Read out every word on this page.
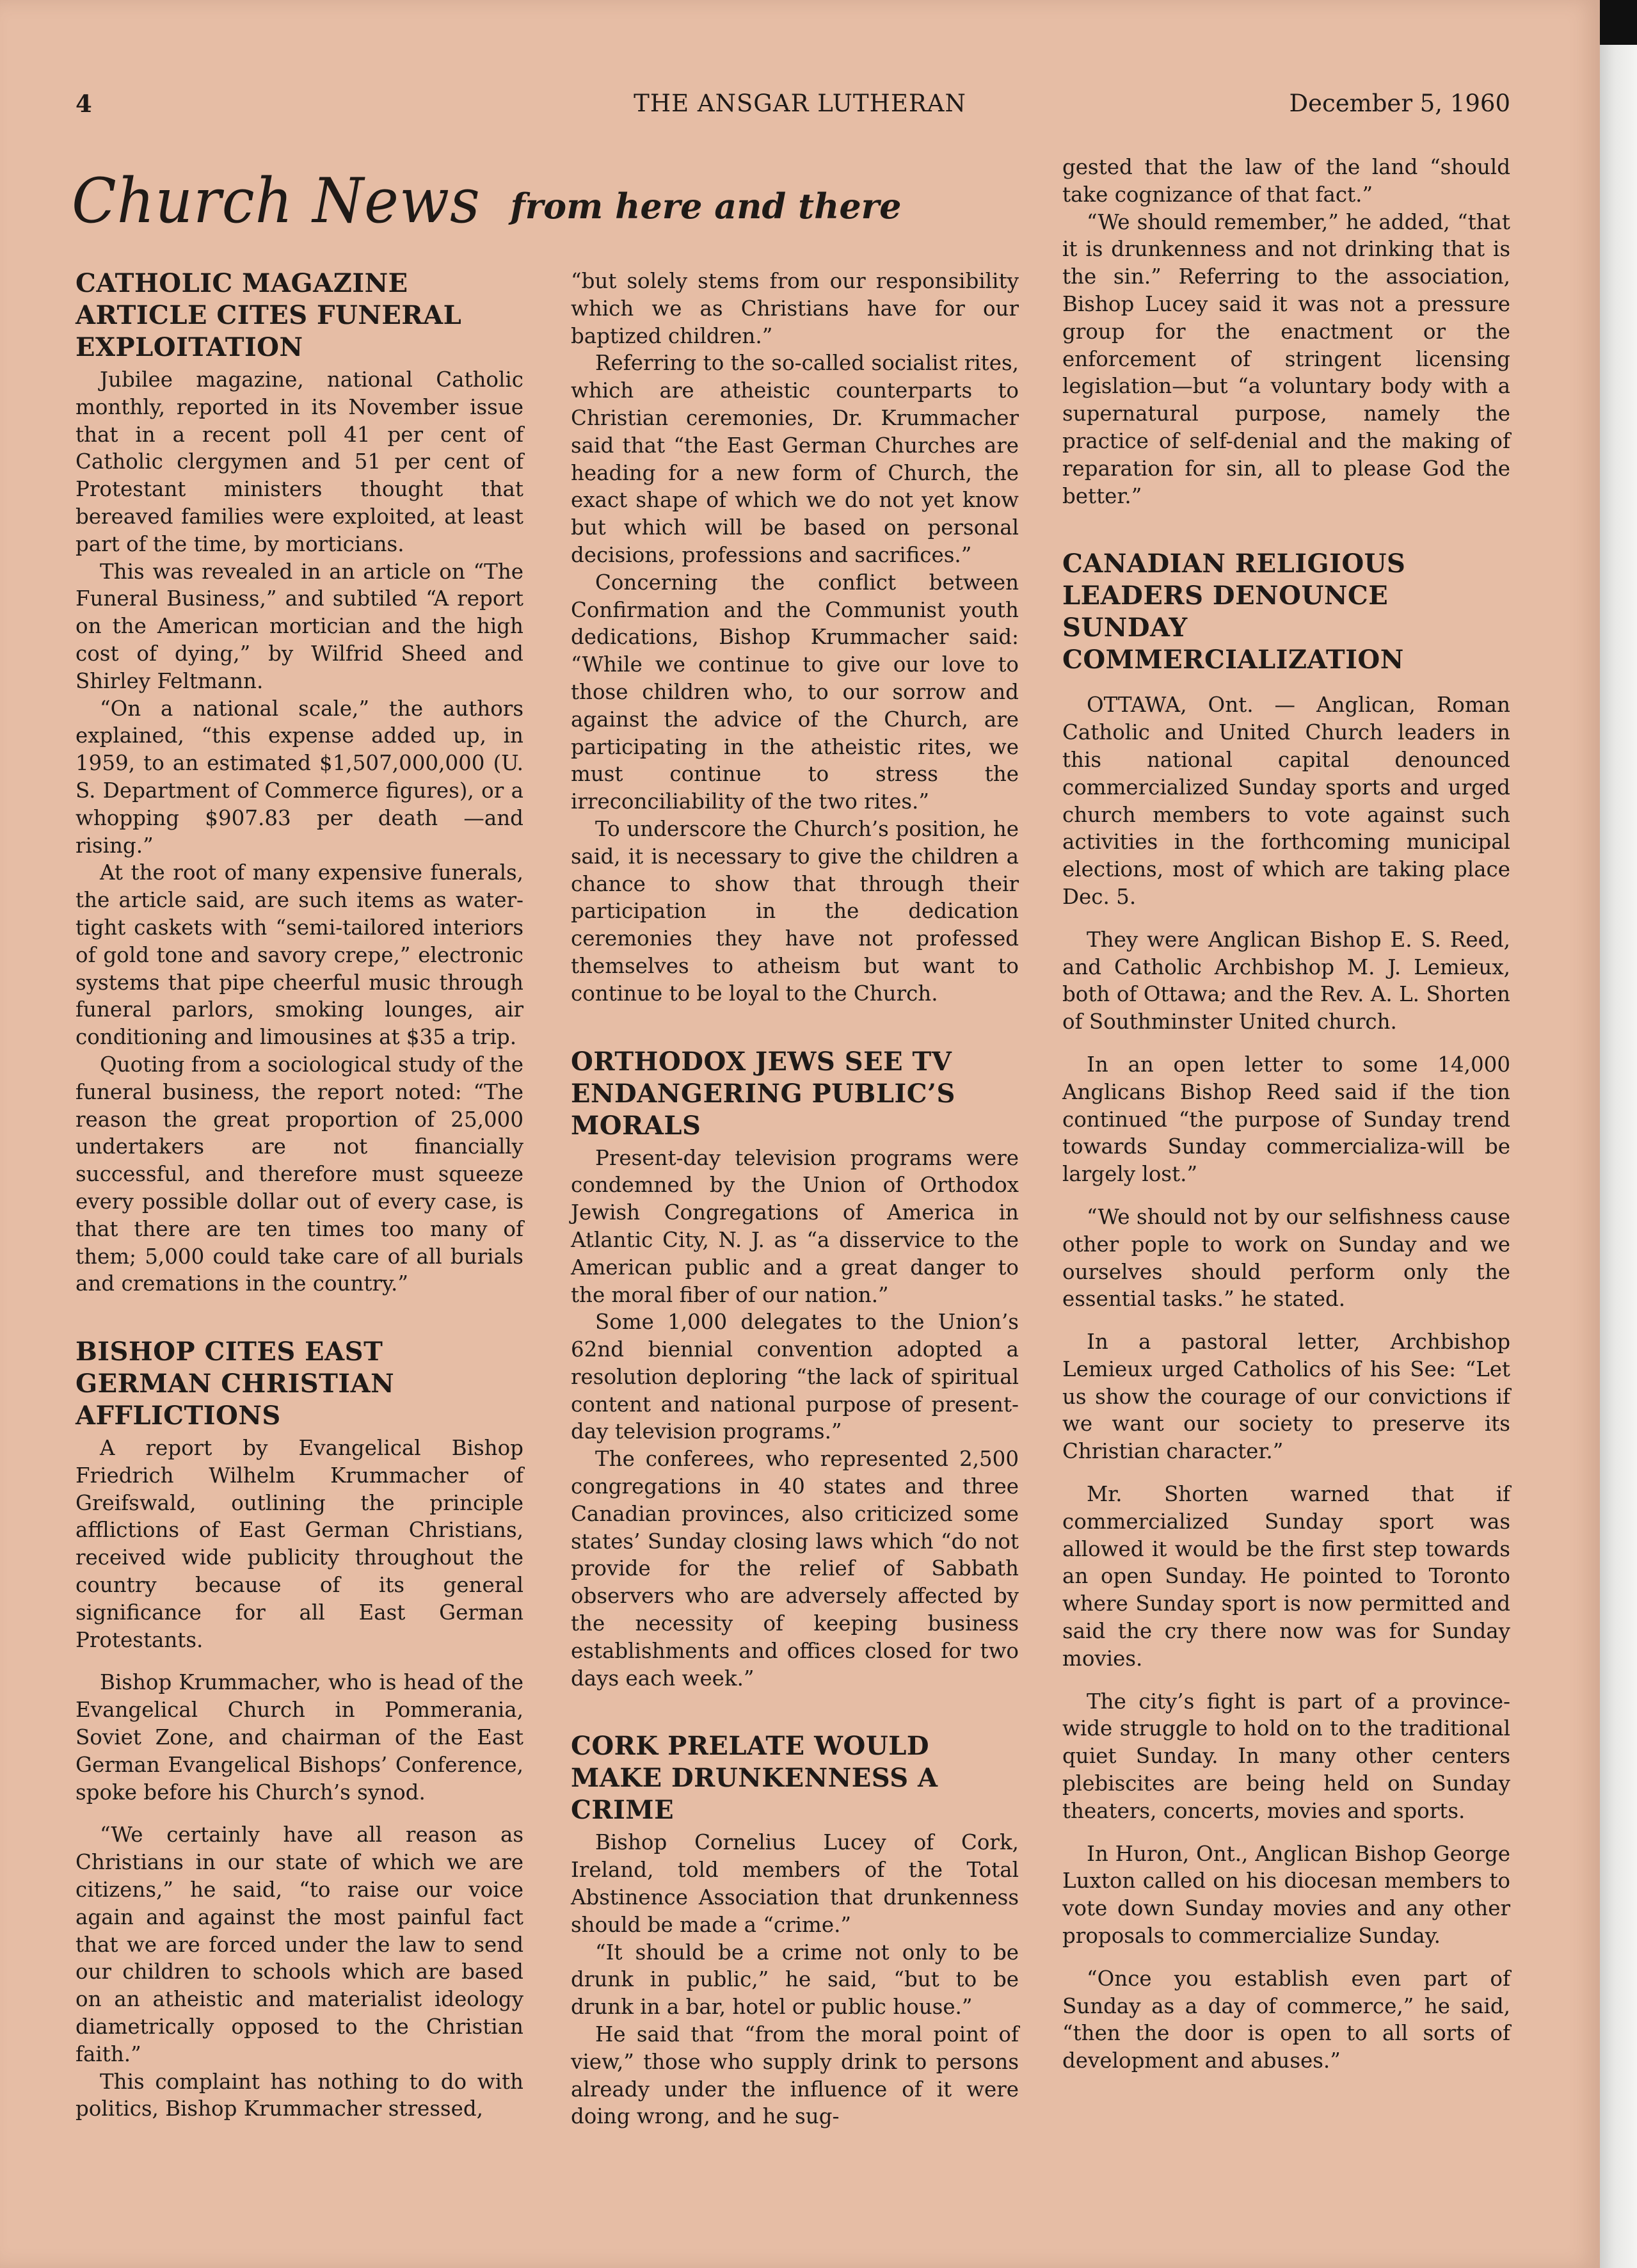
4	THE ANSGAR LUTHERAN	December 5, 1960
Church News from here and there
CATHOLIC MAGAZINE ARTICLE CITES FUNERAL EXPLOITATION

Jubilee magazine, national Catholic monthly, reported in its November issue that in a recent poll 41 per cent of Catholic clergymen and 51 per cent of Protestant ministers thought that bereaved families were exploited, at least part of the time, by morticians.

This was revealed in an article on “The Funeral Business,” and subtiled “A report on the American mortician and the high cost of dying,” by Wilfrid Sheed and Shirley Feltmann.

“On a national scale,” the authors explained, “this expense added up, in 1959, to an estimated $1,507,000,000 (U. S. Department of Commerce figures), or a whopping $907.83 per death —and rising.”

At the root of many expensive funerals, the article said, are such items as water-tight caskets with “semi-tailored interiors of gold tone and savory crepe,” electronic systems that pipe cheerful music through funeral parlors, smoking lounges, air conditioning and limousines at $35 a trip.

Quoting from a sociological study of the funeral business, the report noted: “The reason the great proportion of 25,000 undertakers are not financially successful, and therefore must squeeze every possible dollar out of every case, is that there are ten times too many of them; 5,000 could take care of all burials and cremations in the country.”

BISHOP CITES EAST GERMAN CHRISTIAN AFFLICTIONS

A report by Evangelical Bishop Friedrich Wilhelm Krummacher of Greifswald, outlining the principle afflictions of East German Christians, received wide publicity throughout the country because of its general significance for all East German Protestants.

Bishop Krummacher, who is head of the Evangelical Church in Pommerania, Soviet Zone, and chairman of the East German Evangelical Bishops’ Conference, spoke before his Church’s synod.

“We certainly have all reason as Christians in our state of which we are citizens,” he said, “to raise our voice again and against the most painful fact that we are forced under the law to send our children to schools which are based on an atheistic and materialist ideology diametrically opposed to the Christian faith.”

This complaint has nothing to do with politics, Bishop Krummacher stressed,

“but solely stems from our responsibility which we as Christians have for our baptized children.”

Referring to the so-called socialist rites, which are atheistic counterparts to Christian ceremonies, Dr. Krummacher said that “the East German Churches are heading for a new form of Church, the exact shape of which we do not yet know but which will be based on personal decisions, professions and sacrifices.”

Concerning the conflict between Confirmation and the Communist youth dedications, Bishop Krummacher said: “While we continue to give our love to those children who, to our sorrow and against the advice of the Church, are participating in the atheistic rites, we must continue to stress the irreconciliability of the two rites.”

To underscore the Church’s position, he said, it is necessary to give the children a chance to show that through their participation in the dedication ceremonies they have not professed themselves to atheism but want to continue to be loyal to the Church.

ORTHODOX JEWS SEE TV ENDANGERING PUBLIC’S MORALS

Present-day television programs were condemned by the Union of Orthodox Jewish Congregations of America in Atlantic City, N. J. as “a disservice to the American public and a great danger to the moral fiber of our nation.”

Some 1,000 delegates to the Union’s 62nd biennial convention adopted a resolution deploring “the lack of spiritual content and national purpose of present-day television programs.”

The conferees, who represented 2,500 congregations in 40 states and three Canadian provinces, also criticized some states’ Sunday closing laws which “do not provide for the relief of Sabbath observers who are adversely affected by the necessity of keeping business establishments and offices closed for two days each week.”

CORK PRELATE WOULD MAKE DRUNKENNESS A CRIME

Bishop Cornelius Lucey of Cork, Ireland, told members of the Total Abstinence Association that drunkenness should be made a “crime.”

“It should be a crime not only to be drunk in public,” he said, “but to be drunk in a bar, hotel or public house.”

He said that “from the moral point of view,” those who supply drink to persons already under the influence of it were doing wrong, and he sug-

gested that the law of the land “should take cognizance of that fact.”

“We should remember,” he added, “that it is drunkenness and not drinking that is the sin.” Referring to the association, Bishop Lucey said it was not a pressure group for the enactment or the enforcement of stringent licensing legislation—but “a voluntary body with a supernatural purpose, namely the practice of self-denial and the making of reparation for sin, all to please God the better.”

CANADIAN RELIGIOUS LEADERS DENOUNCE SUNDAY COMMERCIALIZATION

OTTAWA, Ont. — Anglican, Roman Catholic and United Church leaders in this national capital denounced commercialized Sunday sports and urged church members to vote against such activities in the forthcoming municipal elections, most of which are taking place Dec. 5.

They were Anglican Bishop E. S. Reed, and Catholic Archbishop M. J. Lemieux, both of Ottawa; and the Rev. A. L. Shorten of Southminster United church.

In an open letter to some 14,000 Anglicans Bishop Reed said if the tion continued “the purpose of Sunday trend towards Sunday commercializa-will be largely lost.”

“We should not by our selfishness cause other pople to work on Sunday and we ourselves should perform only the essential tasks.” he stated.

In a pastoral letter, Archbishop Lemieux urged Catholics of his See: “Let us show the courage of our convictions if we want our society to preserve its Christian character.”

Mr. Shorten warned that if commercialized Sunday sport was allowed it would be the first step towards an open Sunday. He pointed to Toronto where Sunday sport is now permitted and said the cry there now was for Sunday movies.

The city’s fight is part of a province-wide struggle to hold on to the traditional quiet Sunday. In many other centers plebiscites are being held on Sunday theaters, concerts, movies and sports.

In Huron, Ont., Anglican Bishop George Luxton called on his diocesan members to vote down Sunday movies and any other proposals to commercialize Sunday.

“Once you establish even part of Sunday as a day of commerce,” he said, “then the door is open to all sorts of development and abuses.”
